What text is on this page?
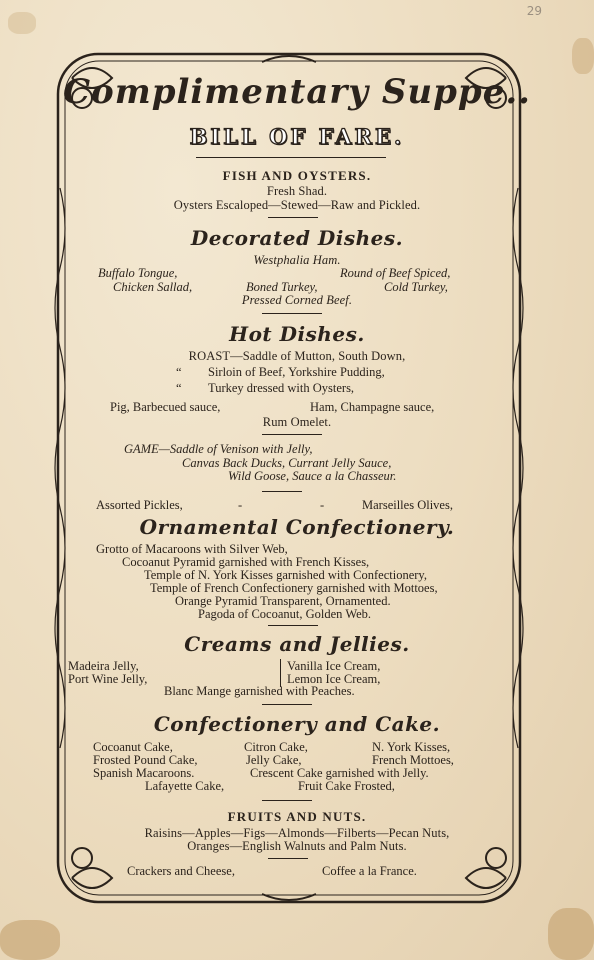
29
Complimentary Suppe..
BILL OF FARE.
FISH AND OYSTERS.
Fresh Shad.
Oysters Escaloped—Stewed—Raw and Pickled.
Decorated Dishes.
Westphalia Ham.
Buffalo Tongue,	Round of Beef Spiced,
Chicken Sallad,	Boned Turkey,	Cold Turkey,
Pressed Corned Beef.
Hot Dishes.
ROAST—Saddle of Mutton, South Down,
“ Sirloin of Beef, Yorkshire Pudding,
“ Turkey dressed with Oysters,
Pig, Barbecued sauce,	Ham, Champagne sauce,
Rum Omelet.
GAME—Saddle of Venison with Jelly,
Canvas Back Ducks, Currant Jelly Sauce,
Wild Goose, Sauce a la Chasseur.
Assorted Pickles,	-	-	Marseilles Olives,
Ornamental Confectionery.
Grotto of Macaroons with Silver Web,
Cocoanut Pyramid garnished with French Kisses,
Temple of N. York Kisses garnished with Confectionery,
Temple of French Confectionery garnished with Mottoes,
Orange Pyramid Transparent, Ornamented.
Pagoda of Cocoanut, Golden Web.
Creams and Jellies.
Madeira Jelly,	Vanilla Ice Cream,
Port Wine Jelly,	Lemon Ice Cream,
Blanc Mange garnished with Peaches.
Confectionery and Cake.
Cocoanut Cake,	Citron Cake,	N. York Kisses,
Frosted Pound Cake,	Jelly Cake,	French Mottoes,
Spanish Macaroons.	Crescent Cake garnished with Jelly.
Lafayette Cake,	Fruit Cake Frosted,
FRUITS AND NUTS.
Raisins—Apples—Figs—Almonds—Filberts—Pecan Nuts,
Oranges—English Walnuts and Palm Nuts.
Crackers and Cheese,	Coffee a la France.
